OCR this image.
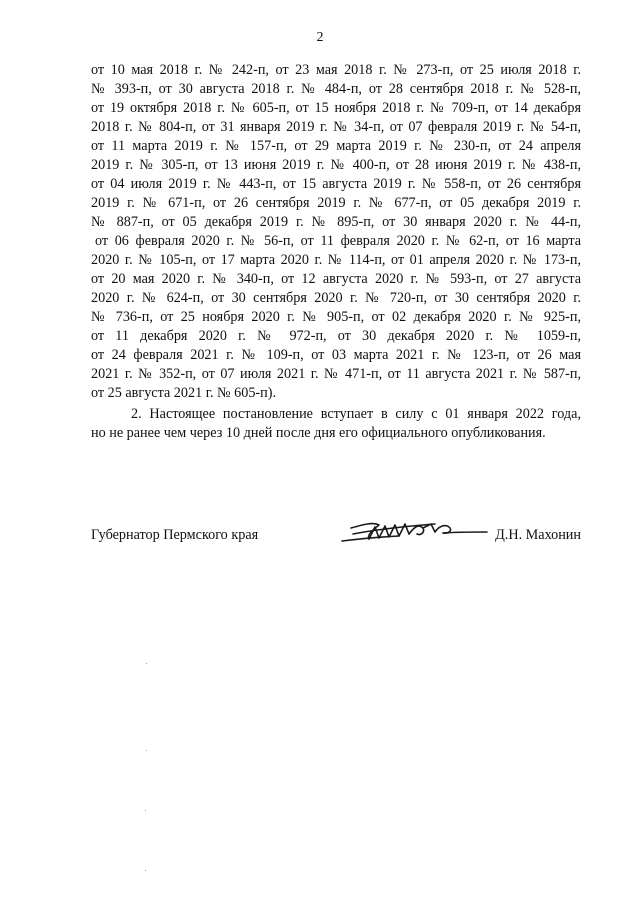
2
от 10 мая 2018 г. № 242-п, от 23 мая 2018 г. № 273-п, от 25 июля 2018 г.
№ 393-п, от 30 августа 2018 г. № 484-п, от 28 сентября 2018 г. № 528-п,
от 19 октября 2018 г. № 605-п, от 15 ноября 2018 г. № 709-п, от 14 декабря
2018 г. № 804-п, от 31 января 2019 г. № 34-п, от 07 февраля 2019 г. № 54-п,
от 11 марта 2019 г. № 157-п, от 29 марта 2019 г. № 230-п, от 24 апреля
2019 г. № 305-п, от 13 июня 2019 г. № 400-п, от 28 июня 2019 г. № 438-п,
от 04 июля 2019 г. № 443-п, от 15 августа 2019 г. № 558-п, от 26 сентября
2019 г. № 671-п, от 26 сентября 2019 г. № 677-п, от 05 декабря 2019 г.
№ 887-п, от 05 декабря 2019 г. № 895-п, от 30 января 2020 г. № 44-п,
от 06 февраля 2020 г. № 56-п, от 11 февраля 2020 г. № 62-п, от 16 марта
2020 г. № 105-п, от 17 марта 2020 г. № 114-п, от 01 апреля 2020 г. № 173-п,
от 20 мая 2020 г. № 340-п, от 12 августа 2020 г. № 593-п, от 27 августа
2020 г. № 624-п, от 30 сентября 2020 г. № 720-п, от 30 сентября 2020 г.
№ 736-п, от 25 ноября 2020 г. № 905-п, от 02 декабря 2020 г. № 925-п,
от 11 декабря 2020 г. № 972-п, от 30 декабря 2020 г. № 1059-п,
от 24 февраля 2021 г. № 109-п, от 03 марта 2021 г. № 123-п, от 26 мая
2021 г. № 352-п, от 07 июля 2021 г. № 471-п, от 11 августа 2021 г. № 587-п,
от 25 августа 2021 г. № 605-п).
2. Настоящее постановление вступает в силу с 01 января 2022 года,
но не ранее чем через 10 дней после дня его официального опубликования.
Губернатор Пермского края	Д.Н. Махонин
